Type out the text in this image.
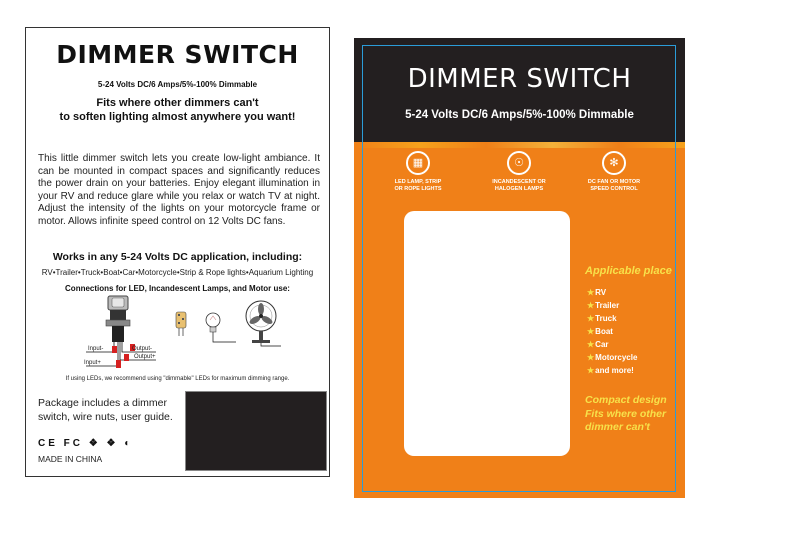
DIMMER SWITCH
5-24 Volts DC/6 Amps/5%-100% Dimmable
Fits where other dimmers can't
to soften lighting almost anywhere you want!
This little dimmer switch lets you create low-light ambiance. It can be mounted in compact spaces and significantly reduces the power drain on your batteries. Enjoy elegant illumination in your RV and reduce glare while you relax or watch TV at night. Adjust the intensity of the lights on your motorcycle frame or motor. Allows infinite speed control on 12 Volts DC fans.
Works in any 5-24 Volts DC application, including:
RV•Trailer•Truck•Boat•Car•Motorcycle•Strip & Rope lights•Aquarium Lighting
Connections for LED, Incandescent Lamps, and Motor use:
Input-
Input+
Output-
Output+
If using LEDs, we recommend using "dimmable" LEDs for maximum dimming range.
Package includes a dimmer
switch, wire nuts, user guide.
CE FC ❖ ❖ ◐
MADE IN CHINA
DIMMER SWITCH
5-24 Volts DC/6 Amps/5%-100% Dimmable
▦
LED LAMP, STRIP
OR ROPE LIGHTS
☉
INCANDESCENT OR
HALOGEN LAMPS
✻
DC FAN OR MOTOR
SPEED CONTROL
Applicable place
★RV
★Trailer
★Truck
★Boat
★Car
★Motorcycle
★and more!
Compact design
Fits where other
dimmer can't
